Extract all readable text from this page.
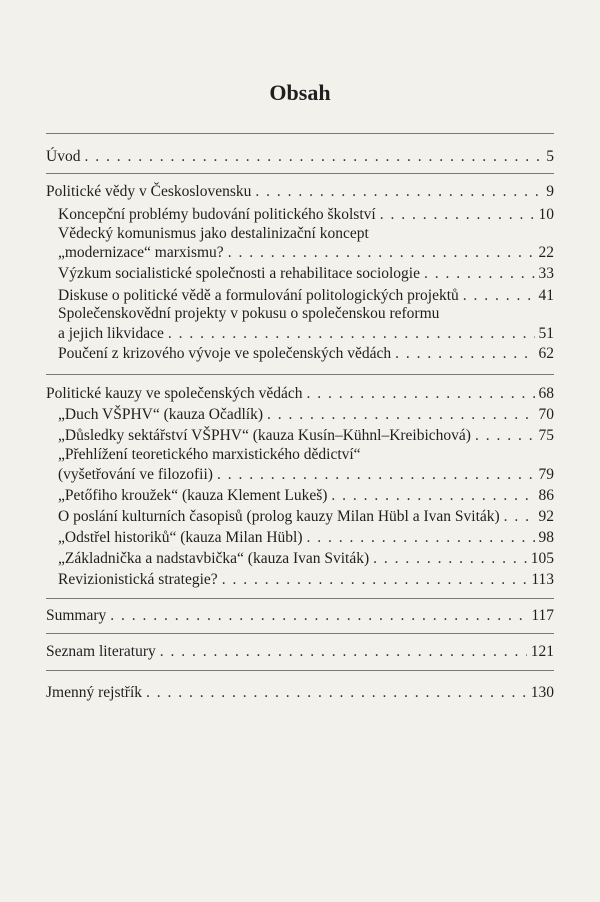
Obsah
Úvod . . .	5
Politické vědy v Československu . . .	9
Koncepční problémy budování politického školství . . .	10
Vědecký komunismus jako destalinizační koncept
„modernizace“ marxismu? . . .	22
Výzkum socialistické společnosti a rehabilitace sociologie . . .	33
Diskuse o politické vědě a formulování politologických projektů . . .	41
Společenskovědní projekty v pokusu o společenskou reformu
a jejich likvidace . . .	51
Poučení z krizového vývoje ve společenských vědách . . .	62
Politické kauzy ve společenských vědách . . .	68
„Duch VŠPHV“ (kauza Očadlík) . . .	70
„Důsledky sektářství VŠPHV“ (kauza Kusín–Kühnl–Kreibichová) . . .	75
„Přehlížení teoretického marxistického dědictví“
(vyšetřování ve filozofii) . . .	79
„Petőfiho kroužek“ (kauza Klement Lukeš) . . .	86
O poslání kulturních časopisů (prolog kauzy Milan Hübl a Ivan Sviták) . . .	92
„Odstřel historiků“ (kauza Milan Hübl) . . .	98
„Základnička a nadstavbička“ (kauza Ivan Sviták) . . .	105
Revizionistická strategie? . . .	113
Summary . . .	117
Seznam literatury . . .	121
Jmenný rejstřík . . .	130
